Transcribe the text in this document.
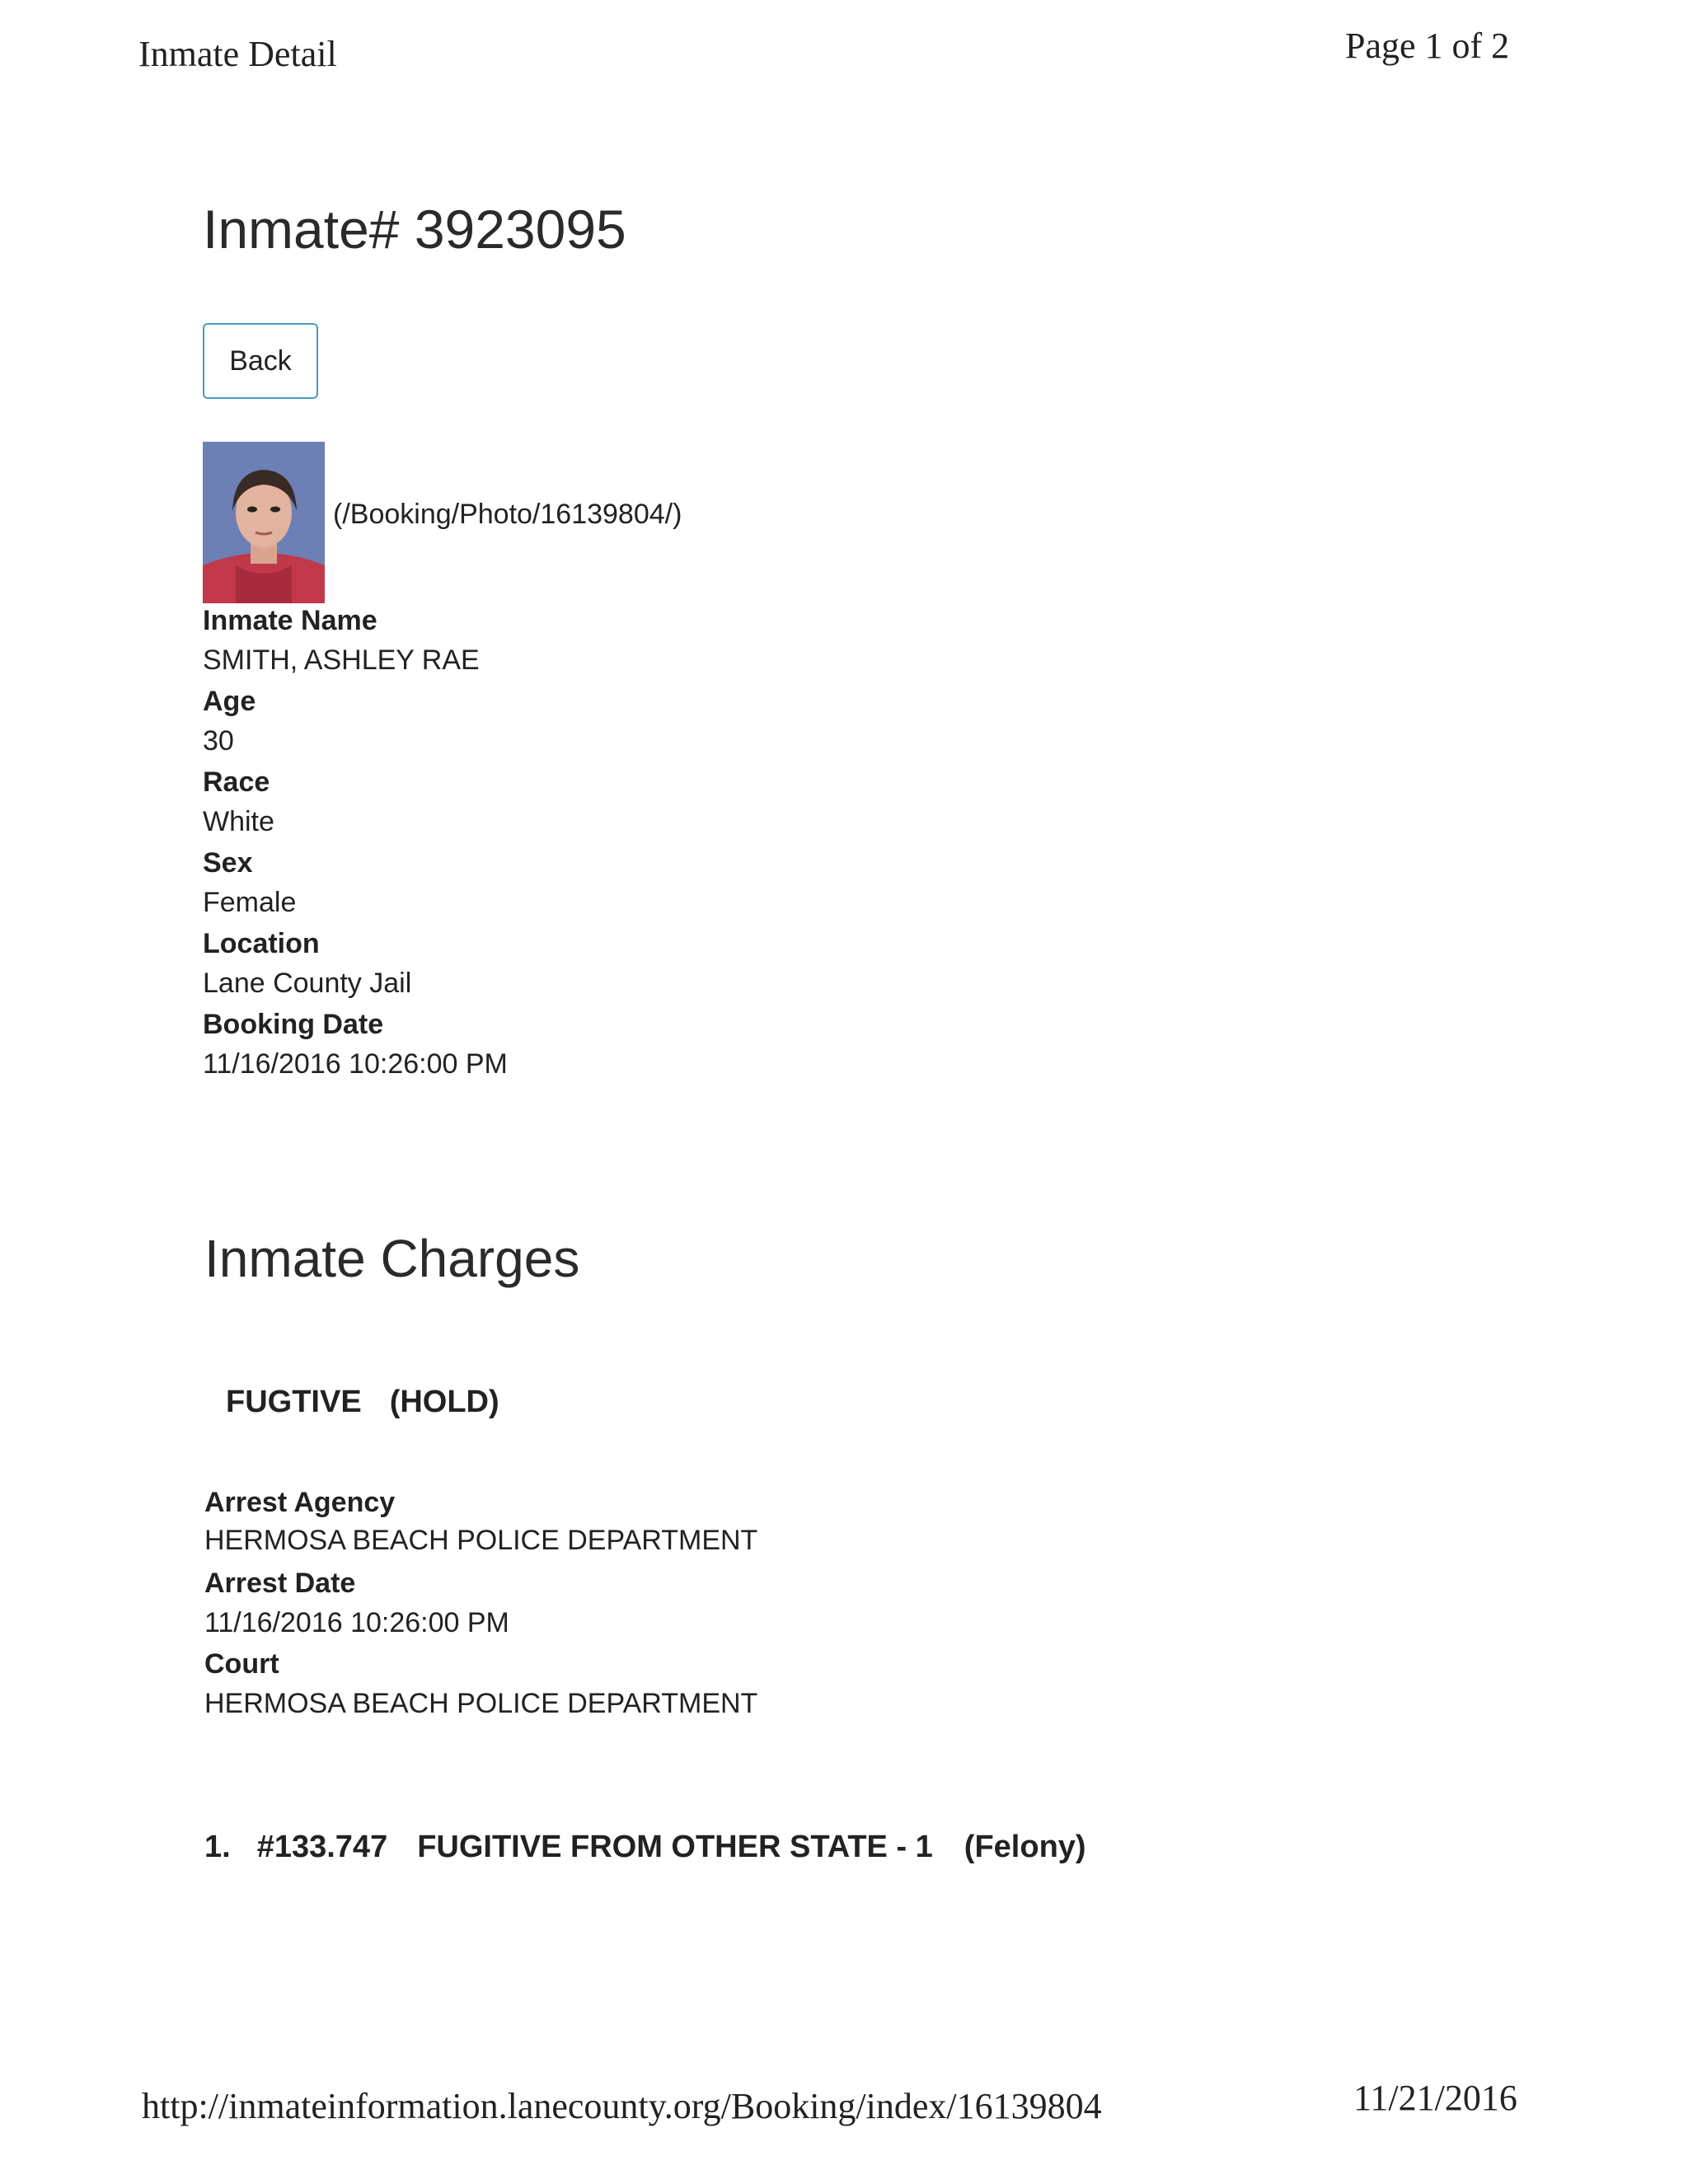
Inmate Detail	Page 1 of 2
Inmate# 3923095
Back
(/Booking/Photo/16139804/)
Inmate Name
SMITH, ASHLEY RAE
Age
30
Race
White
Sex
Female
Location
Lane County Jail
Booking Date
11/16/2016 10:26:00 PM
Inmate Charges
FUGTIVE (HOLD)
Arrest Agency
HERMOSA BEACH POLICE DEPARTMENT
Arrest Date
11/16/2016 10:26:00 PM
Court
HERMOSA BEACH POLICE DEPARTMENT
1. #133.747 FUGITIVE FROM OTHER STATE - 1 (Felony)
http://inmateinformation.lanecounty.org/Booking/index/16139804	11/21/2016
